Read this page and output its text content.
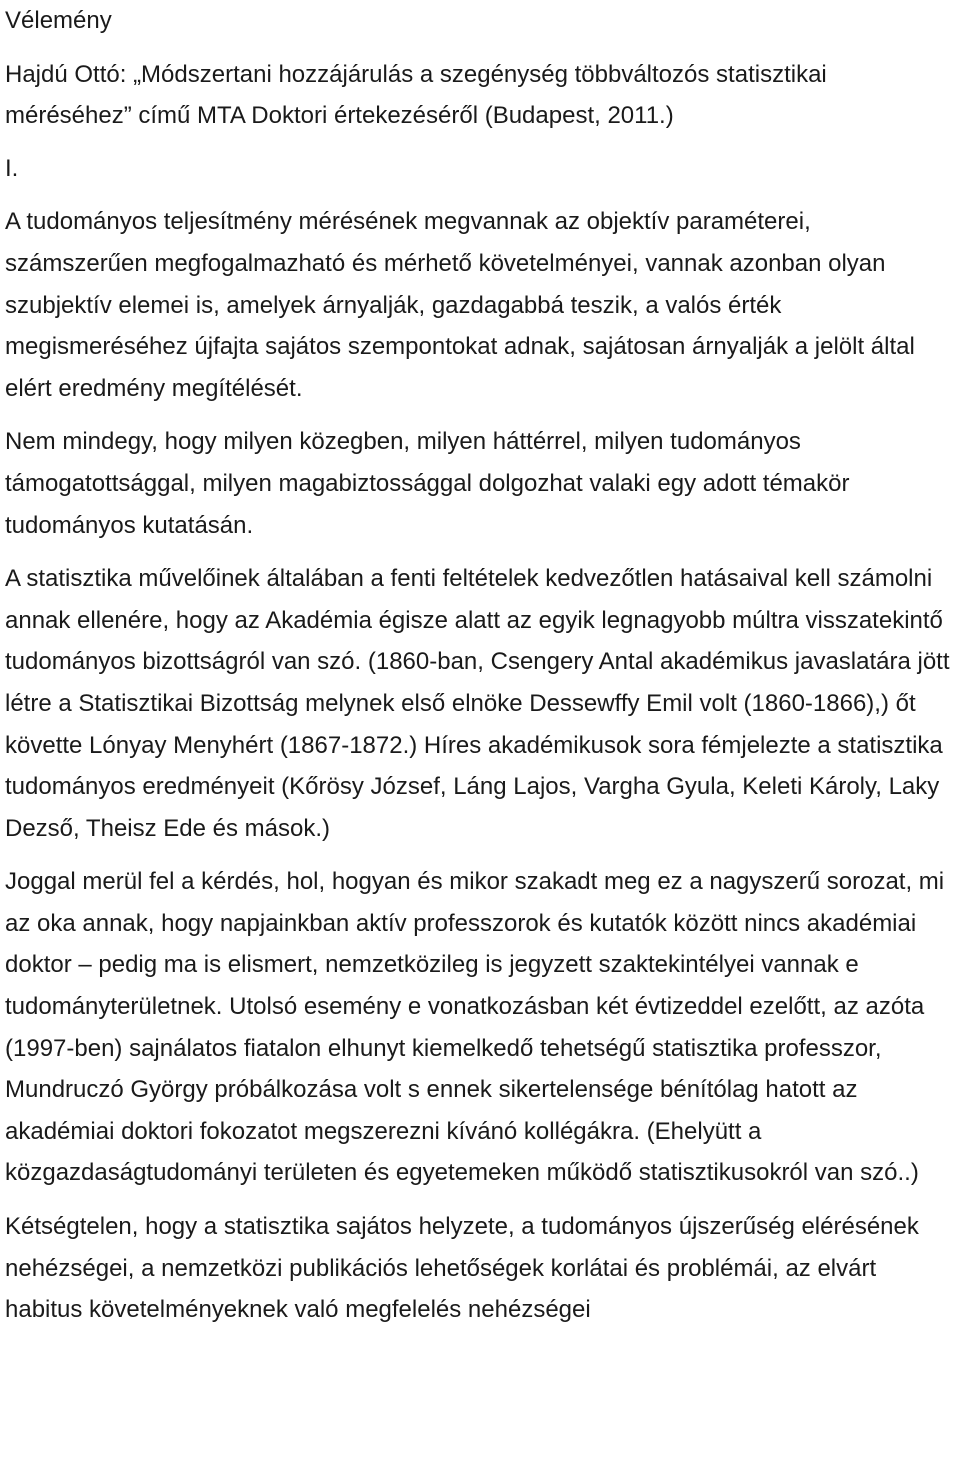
Vélemény

Hajdú Ottó: „Módszertani hozzájárulás a szegénység többváltozós statisztikai méréséhez” című MTA Doktori értekezéséről (Budapest, 2011.)

I.

A tudományos teljesítmény mérésének megvannak az objektív paraméterei, számszerűen megfogalmazható és mérhető követelményei, vannak azonban olyan szubjektív elemei is, amelyek árnyalják, gazdagabbá teszik, a valós érték megismeréséhez újfajta sajátos szempontokat adnak, sajátosan árnyalják a jelölt által elért eredmény megítélését.

Nem mindegy, hogy milyen közegben, milyen háttérrel, milyen tudományos támogatottsággal, milyen magabiztossággal dolgozhat valaki egy adott témakör tudományos kutatásán.

A statisztika művelőinek általában a fenti feltételek kedvezőtlen hatásaival kell számolni annak ellenére, hogy az Akadémia égisze alatt az egyik legnagyobb múltra visszatekintő tudományos bizottságról van szó. (1860-ban, Csengery Antal akadémikus javaslatára jött létre a Statisztikai Bizottság melynek első elnöke Dessewffy Emil volt (1860-1866),) őt követte Lónyay Menyhért (1867-1872.) Híres akadémikusok sora fémjelezte a statisztika tudományos eredményeit (Kőrösy József, Láng Lajos, Vargha Gyula, Keleti Károly, Laky Dezső, Theisz Ede és mások.)

Joggal merül fel a kérdés, hol, hogyan és mikor szakadt meg ez a nagyszerű sorozat, mi az oka annak, hogy napjainkban aktív professzorok és kutatók között nincs akadémiai doktor – pedig ma is elismert, nemzetközileg is jegyzett szaktekintélyei vannak e tudományterületnek. Utolsó esemény e vonatkozásban két évtizeddel ezelőtt, az azóta (1997-ben) sajnálatos fiatalon elhunyt kiemelkedő tehetségű statisztika professzor, Mundruczó György próbálkozása volt s ennek sikertelensége bénítólag hatott az akadémiai doktori fokozatot megszerezni kívánó kollégákra. (Ehelyütt a közgazdaságtudományi területen és egyetemeken működő statisztikusokról van szó..)

Kétségtelen, hogy a statisztika sajátos helyzete, a tudományos újszerűség elérésének nehézségei, a nemzetközi publikációs lehetőségek korlátai és problémái, az elvárt habitus követelményeknek való megfelelés nehézségei
